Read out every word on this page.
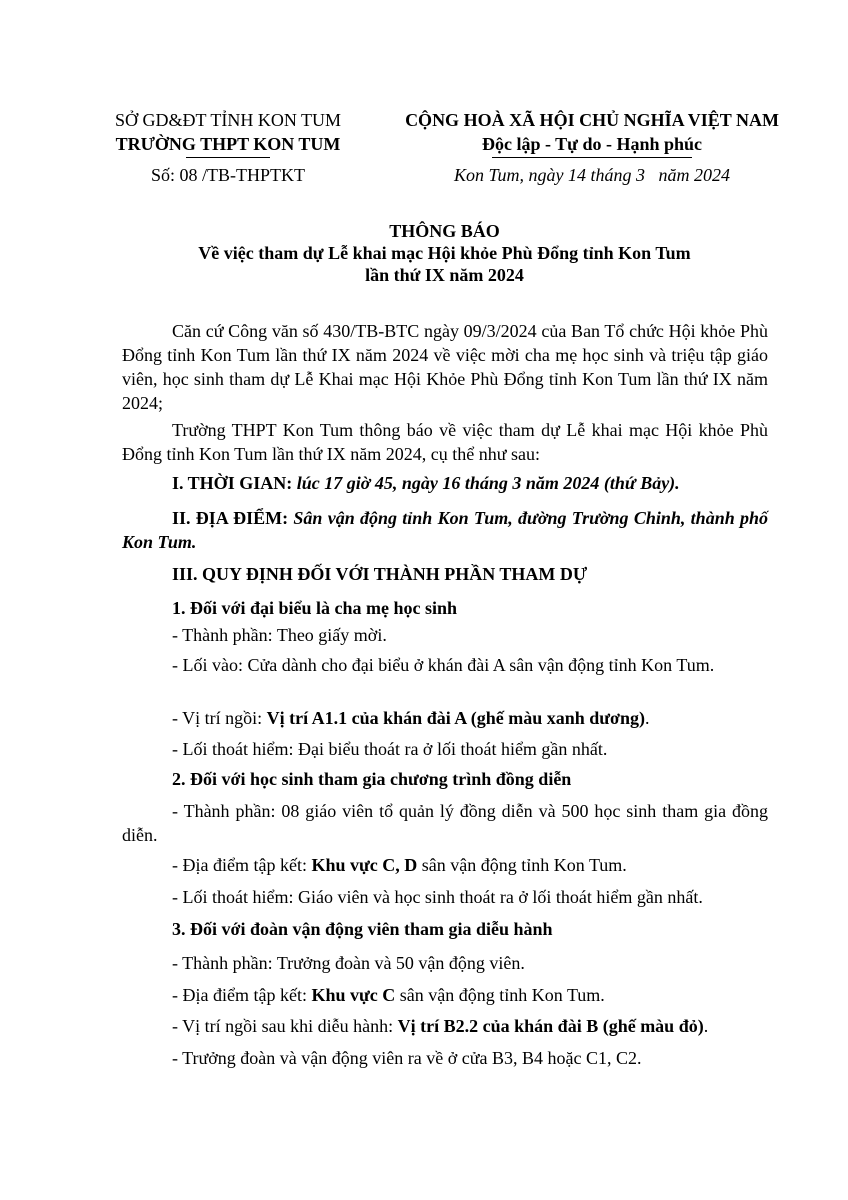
SỞ GD&ĐT TỈNH KON TUM
TRƯỜNG THPT KON TUM
Số: 08 /TB-THPTKT
CỘNG HOÀ XÃ HỘI CHỦ NGHĨA VIỆT NAM
Độc lập - Tự do - Hạnh phúc
Kon Tum, ngày 14 tháng 3   năm 2024
THÔNG BÁO
Về việc tham dự Lễ khai mạc Hội khỏe Phù Đổng tỉnh Kon Tum
lần thứ IX năm 2024

Căn cứ Công văn số 430/TB-BTC ngày 09/3/2024 của Ban Tổ chức Hội khỏe Phù Đổng tỉnh Kon Tum lần thứ IX năm 2024 về việc mời cha mẹ học sinh và triệu tập giáo viên, học sinh tham dự Lễ Khai mạc Hội Khỏe Phù Đổng tỉnh Kon Tum lần thứ IX năm 2024;

Trường THPT Kon Tum thông báo về việc tham dự Lễ khai mạc Hội khỏe Phù Đổng tỉnh Kon Tum lần thứ IX năm 2024, cụ thể như sau:

I. THỜI GIAN: lúc 17 giờ 45, ngày 16 tháng 3 năm 2024 (thứ Bảy).

II. ĐỊA ĐIỂM: Sân vận động tỉnh Kon Tum, đường Trường Chinh, thành phố Kon Tum.

III. QUY ĐỊNH ĐỐI VỚI THÀNH PHẦN THAM DỰ
1. Đối với đại biểu là cha mẹ học sinh
- Thành phần: Theo giấy mời.

- Lối vào: Cửa dành cho đại biểu ở khán đài A sân vận động tỉnh Kon Tum.

- Vị trí ngồi: Vị trí A1.1 của khán đài A (ghế màu xanh dương).
- Lối thoát hiểm: Đại biểu thoát ra ở lối thoát hiểm gần nhất.
2. Đối với học sinh tham gia chương trình đồng diễn

- Thành phần: 08 giáo viên tổ quản lý đồng diễn và 500 học sinh tham gia đồng diễn.

- Địa điểm tập kết: Khu vực C, D sân vận động tỉnh Kon Tum.
- Lối thoát hiểm: Giáo viên và học sinh thoát ra ở lối thoát hiểm gần nhất.
3. Đối với đoàn vận động viên tham gia diễu hành
- Thành phần: Trưởng đoàn và 50 vận động viên.
- Địa điểm tập kết: Khu vực C sân vận động tỉnh Kon Tum.
- Vị trí ngồi sau khi diễu hành: Vị trí B2.2 của khán đài B (ghế màu đỏ).
- Trưởng đoàn và vận động viên ra về ở cửa B3, B4 hoặc C1, C2.
